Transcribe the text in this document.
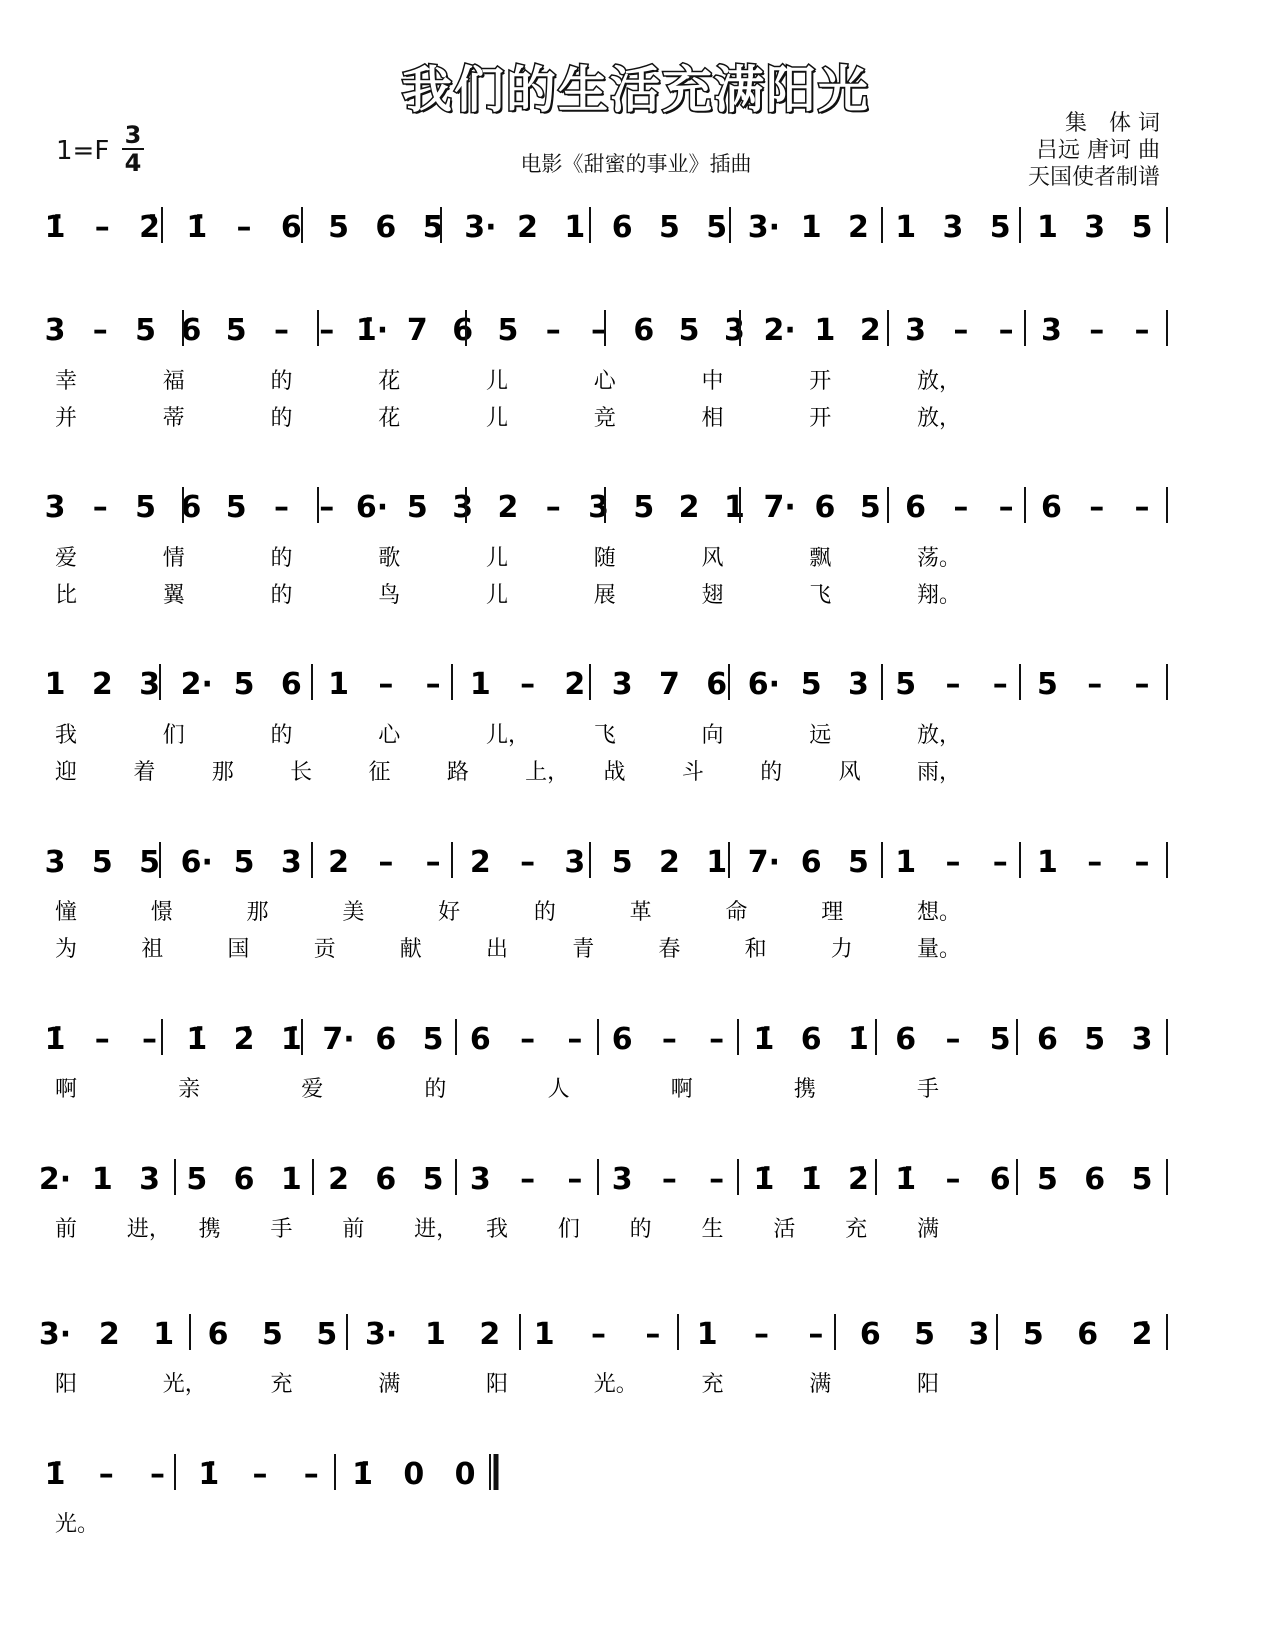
我们的生活充满阳光
1=F
3
4	电影《甜蜜的事业》插曲
集　体 词
吕远 唐诃 曲
天国使者制谱
1̇ – 2̇ 1̇ – 6 5 6 5 3· 2 1 6 5 5 3· 1 2 1 3 5 1 3 5
3 – 5 6 5 – – 1̇· 7 6 5 – – 6 5 3 2· 1 2 3 – – 3 – –
幸	福	的	花	儿	心	中	开	放，
并	蒂	的	花	儿	竞	相	开	放，
3 – 5 6 5 – – 6· 5 3 2 – 3 5 2 1 7· 6 5 6 – – 6 – –
爱	情	的	歌	儿	随	风	飘	荡。
比	翼	的	鸟	儿	展	翅	飞	翔。
1 2 3 2· 5 6 1 – – 1 – 2 3 7 6 6· 5 3 5 – – 5 – –
我	们	的	心	儿，	飞	向	远	放，
迎	着	那	长	征	路	上， 战	斗	的	风	雨，
3 5 5 6· 5 3 2 – – 2 – 3 5 2 1 7· 6 5 1 – – 1 – –
憧	憬	那	美	好	的	革	命	理	想。
为	祖	国	贡	献	出	青	春	和	力	量。
1̇ – – 1̇ 2̇ 1̇ 7· 6 5 6 – – 6 – – 1̇ 6 1̇ 6 – 5 6 5 3
啊	亲	爱	的	人	啊	携	手
2· 1 3 5 6 1 2 6 5 3 – – 3 – – 1̇ 1̇ 2̇ 1̇ – 6 5 6 5
前 进， 携 手 前 进， 我 们 的 生 活 充 满
3· 2 1 6 5 5 3· 1 2 1 – – 1 – – 6 5 3 5 6 2̇
阳	光，	充	满	阳	光。	充	满	阳
1̇ – – 1̇ – – 1̇ 0 0
光。
